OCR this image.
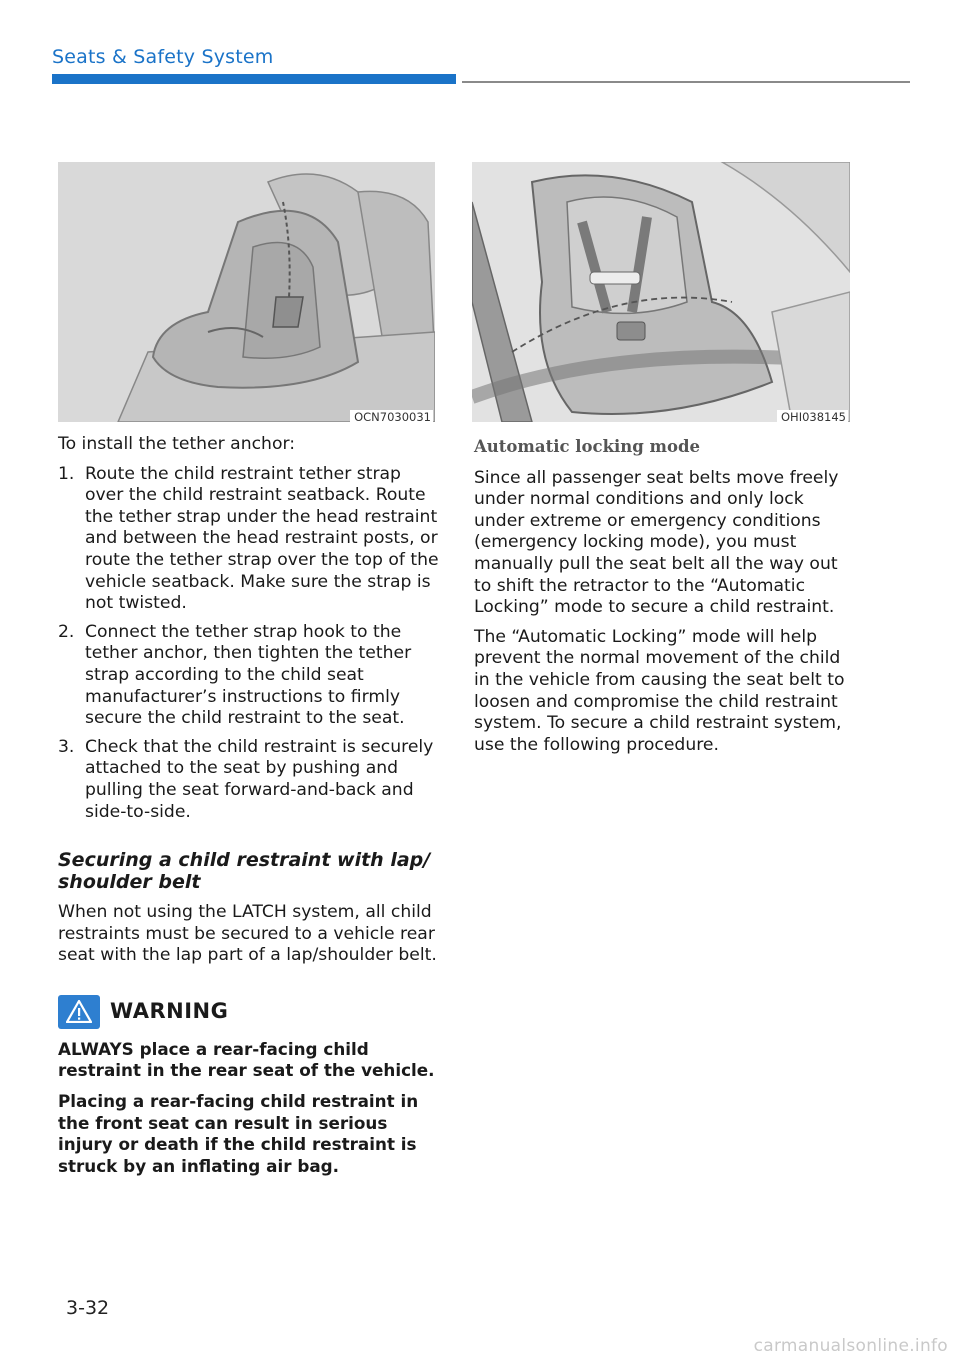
Seats & Safety System
OCN7030031	OHI038145

To install the tether anchor:

1. Route the child restraint tether strap over the child restraint seatback. Route the tether strap under the head restraint and between the head restraint posts, or route the tether strap over the top of the vehicle seatback. Make sure the strap is not twisted.
2. Connect the tether strap hook to the tether anchor, then tighten the tether strap according to the child seat manufacturer’s instructions to firmly secure the child restraint to the seat.
3. Check that the child restraint is securely attached to the seat by pushing and pulling the seat forward-and-back and side-to-side.
Securing a child restraint with lap/ shoulder belt

When not using the LATCH system, all child restraints must be secured to a vehicle rear seat with the lap part of a lap/shoulder belt.

WARNING

ALWAYS place a rear-facing child restraint in the rear seat of the vehicle.

Placing a rear-facing child restraint in the front seat can result in serious injury or death if the child restraint is struck by an inflating air bag.

Automatic locking mode

Since all passenger seat belts move freely under normal conditions and only lock under extreme or emergency conditions (emergency locking mode), you must manually pull the seat belt all the way out to shift the retractor to the “Automatic Locking” mode to secure a child restraint.

The “Automatic Locking” mode will help prevent the normal movement of the child in the vehicle from causing the seat belt to loosen and compromise the child restraint system. To secure a child restraint system, use the following procedure.

3-32
carmanualsonline.info
